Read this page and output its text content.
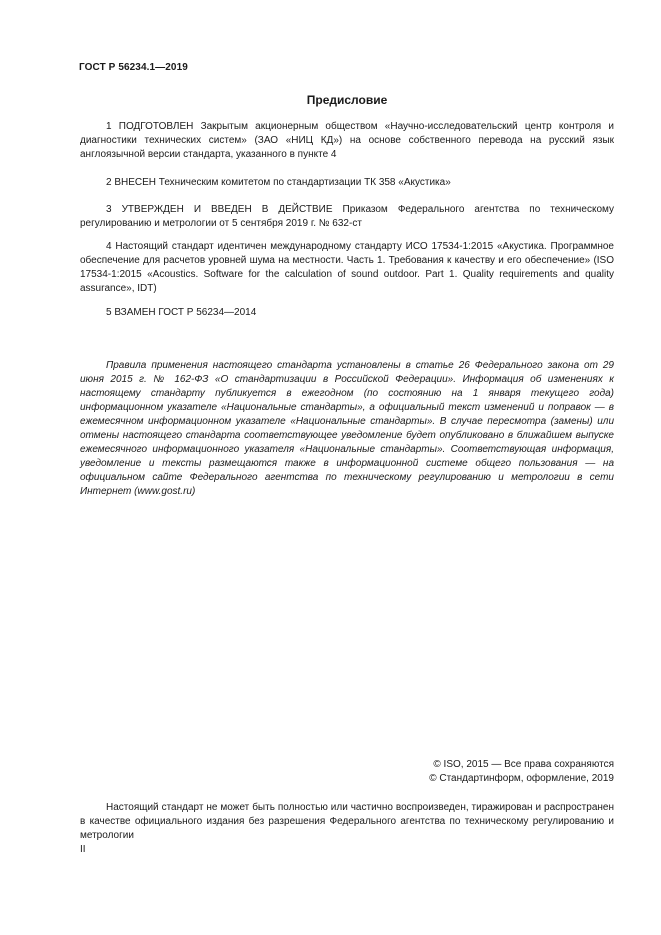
ГОСТ Р 56234.1—2019
Предисловие

1 ПОДГОТОВЛЕН Закрытым акционерным обществом «Научно-исследовательский центр контроля и диагностики технических систем» (ЗАО «НИЦ КД») на основе собственного перевода на русский язык англоязычной версии стандарта, указанного в пункте 4

2 ВНЕСЕН Техническим комитетом по стандартизации ТК 358 «Акустика»

3 УТВЕРЖДЕН И ВВЕДЕН В ДЕЙСТВИЕ Приказом Федерального агентства по техническому регулированию и метрологии от 5 сентября 2019 г. № 632-ст

4 Настоящий стандарт идентичен международному стандарту ИСО 17534-1:2015 «Акустика. Программное обеспечение для расчетов уровней шума на местности. Часть 1. Требования к качеству и его обеспечение» (ISO 17534-1:2015 «Acoustics. Software for the calculation of sound outdoor. Part 1. Quality requirements and quality assurance», IDT)

5 ВЗАМЕН ГОСТ Р 56234—2014

Правила применения настоящего стандарта установлены в статье 26 Федерального закона от 29 июня 2015 г. № 162-ФЗ «О стандартизации в Российской Федерации». Информация об изменениях к настоящему стандарту публикуется в ежегодном (по состоянию на 1 января текущего года) информационном указателе «Национальные стандарты», а официальный текст изменений и поправок — в ежемесячном информационном указателе «Национальные стандарты». В случае пересмотра (замены) или отмены настоящего стандарта соответствующее уведомление будет опубликовано в ближайшем выпуске ежемесячного информационного указателя «Национальные стандарты». Соответствующая информация, уведомление и тексты размещаются также в информационной системе общего пользования — на официальном сайте Федерального агентства по техническому регулированию и метрологии в сети Интернет (www.gost.ru)

© ISO, 2015 — Все права сохраняются
© Стандартинформ, оформление, 2019

Настоящий стандарт не может быть полностью или частично воспроизведен, тиражирован и распространен в качестве официального издания без разрешения Федерального агентства по техническому регулированию и метрологии

II
